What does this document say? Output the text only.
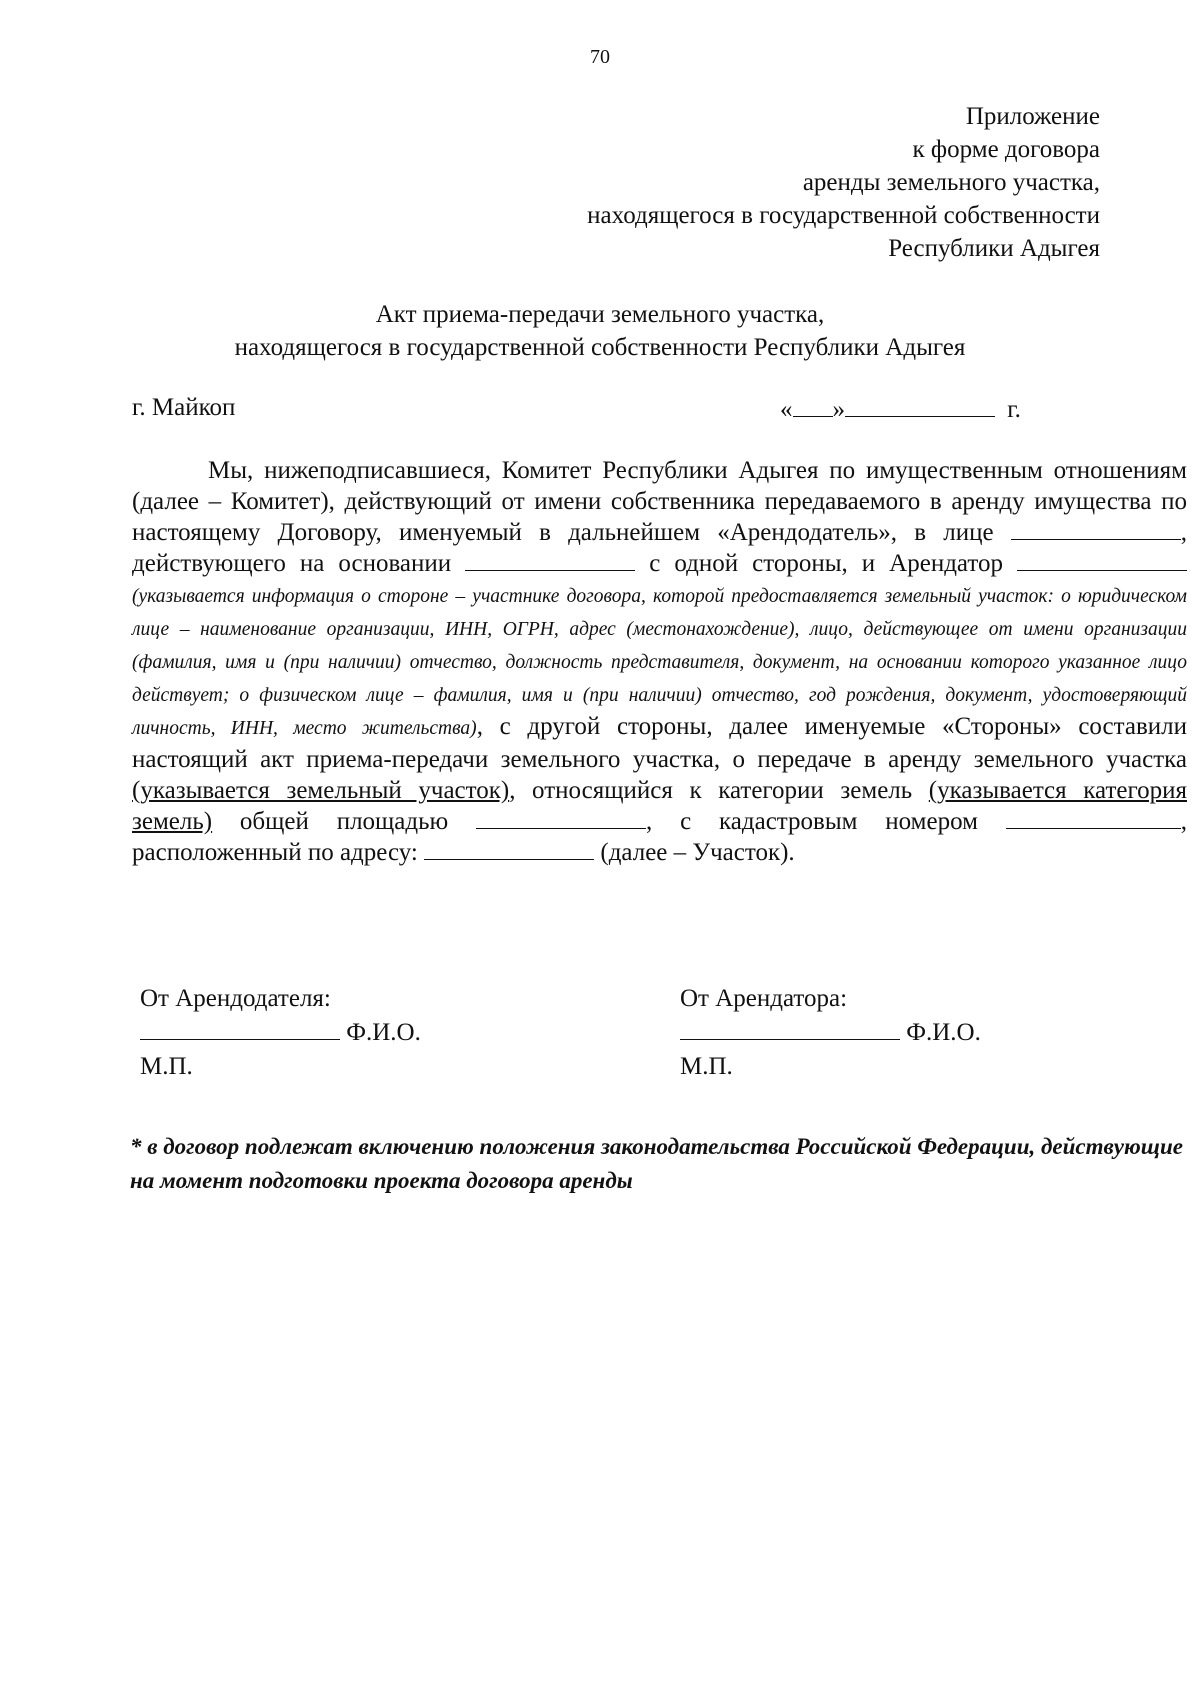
70
Приложение
к форме договора
аренды земельного участка,
находящегося в государственной собственности
Республики Адыгея
Акт приема-передачи земельного участка,
находящегося в государственной собственности Республики Адыгея
г. Майкоп	« »	г.
Мы, нижеподписавшиеся, Комитет Республики Адыгея по имущественным отношениям (далее – Комитет), действующий от имени собственника передаваемого в аренду имущества по настоящему Договору, именуемый в дальнейшем «Арендодатель», в лице	, действующего на основании	с одной стороны, и Арендатор  (указывается информация о стороне – участнике договора, которой предоставляется земельный участок: о юридическом лице – наименование организации, ИНН, ОГРН, адрес (местонахождение), лицо, действующее от имени организации (фамилия, имя и (при наличии) отчество, должность представителя, документ, на основании которого указанное лицо действует; о физическом лице – фамилия, имя и (при наличии) отчество, год рождения, документ, удостоверяющий личность, ИНН, место жительства), с другой стороны, далее именуемые «Стороны» составили настоящий акт приема-передачи земельного участка, о передаче в аренду земельного участка (указывается земельный участок), относящийся к категории земель (указывается категория земель) общей площадью	, с кадастровым номером	, расположенный по адресу:	(далее – Участок).
От Арендодателя:
Ф.И.О.
М.П.
От Арендатора:
Ф.И.О.
М.П.
* в договор подлежат включению положения законодательства Российской Федерации, действующие на момент подготовки проекта договора аренды
